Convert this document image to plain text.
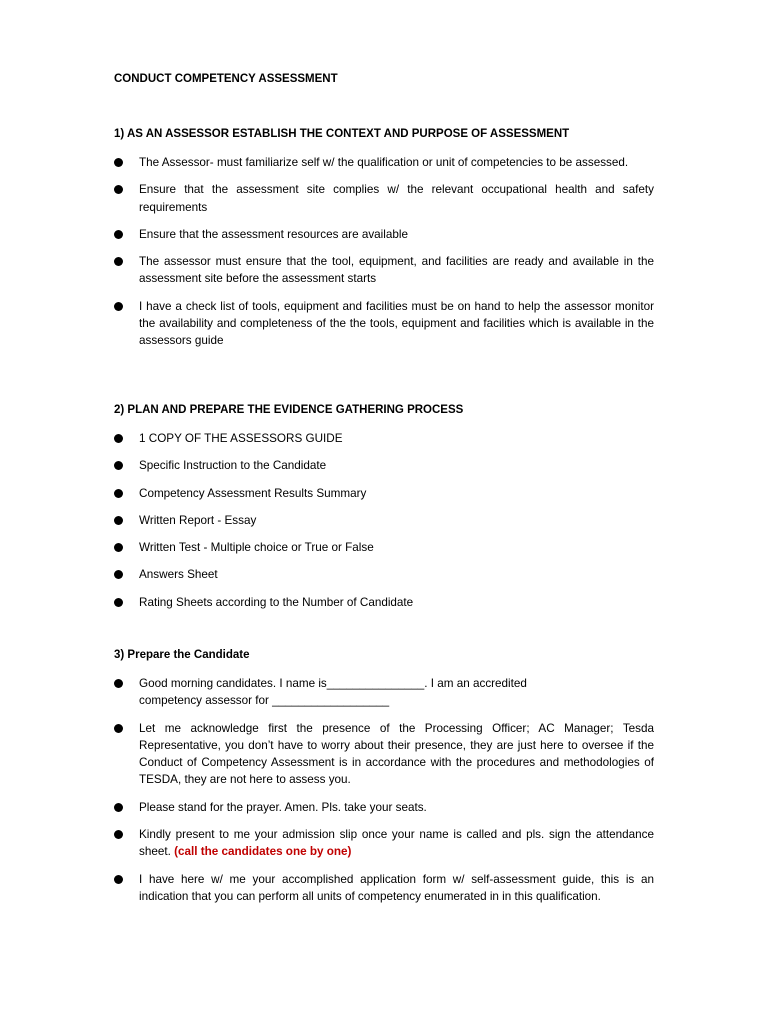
CONDUCT COMPETENCY ASSESSMENT
1) AS AN ASSESSOR ESTABLISH THE CONTEXT AND PURPOSE OF ASSESSMENT
The Assessor- must familiarize self w/ the qualification or unit of competencies to be assessed.
Ensure that the assessment site complies w/ the relevant occupational health and safety requirements
Ensure that the assessment resources are available
The assessor must ensure that the tool, equipment, and facilities are ready and available in the assessment site before the assessment starts
I have a check list of tools, equipment and facilities must be on hand to help the assessor monitor the availability and completeness of the the tools, equipment and facilities which is available in the assessors guide
2) PLAN AND PREPARE THE EVIDENCE GATHERING PROCESS
1 COPY OF THE ASSESSORS GUIDE
Specific Instruction to the Candidate
Competency Assessment Results Summary
Written Report - Essay
Written Test - Multiple choice or True or False
Answers Sheet
Rating Sheets according to the Number of Candidate
3) Prepare the Candidate
Good morning candidates. I name is_______________. I am an accredited competency assessor for __________________
Let me acknowledge first the presence of the Processing Officer; AC Manager; Tesda Representative, you don’t have to worry about their presence, they are just here to oversee if the Conduct of Competency Assessment is in accordance with the procedures and methodologies of TESDA, they are not here to assess you.
Please stand for the prayer. Amen. Pls. take your seats.
Kindly present to me your admission slip once your name is called and pls. sign the attendance sheet. (call the candidates one by one)
I have here w/ me your accomplished application form w/ self-assessment guide, this is an indication that you can perform all units of competency enumerated in in this qualification.
